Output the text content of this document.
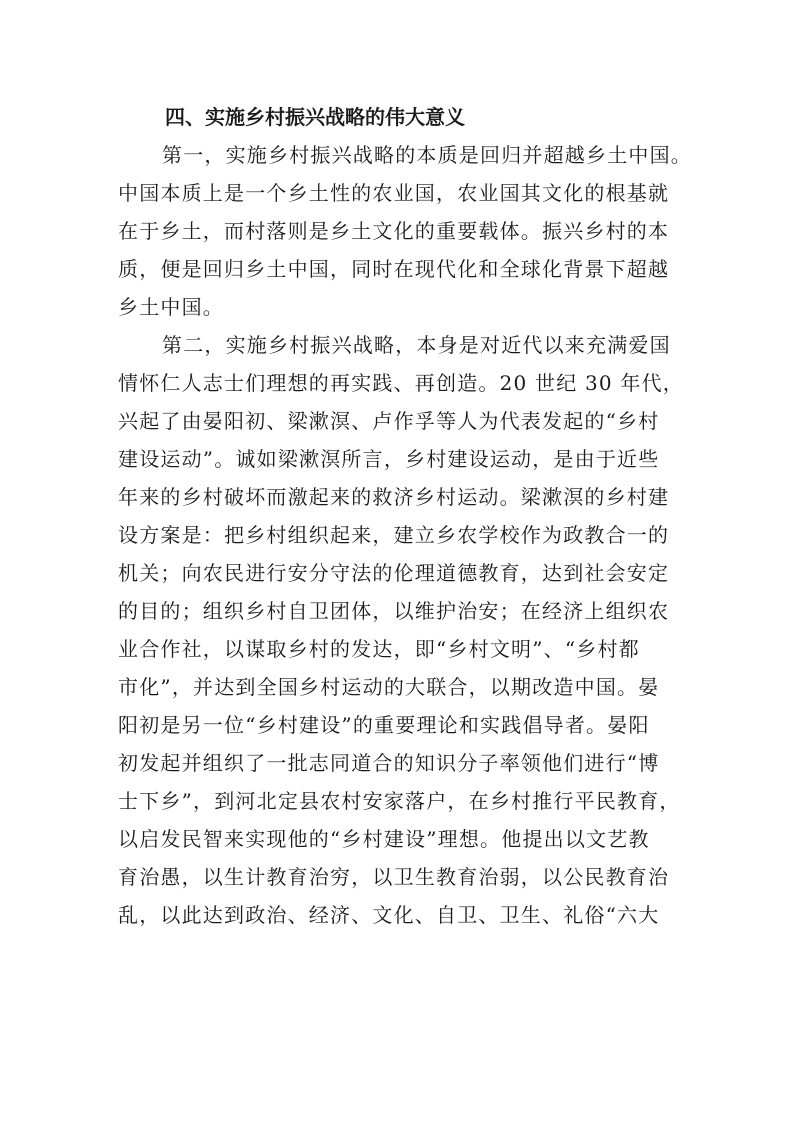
四、实施乡村振兴战略的伟大意义
第一，实施乡村振兴战略的本质是回归并超越乡土中国。
中国本质上是一个乡土性的农业国，农业国其文化的根基就
在于乡土，而村落则是乡土文化的重要载体。振兴乡村的本
质，便是回归乡土中国，同时在现代化和全球化背景下超越
乡土中国。
第二，实施乡村振兴战略，本身是对近代以来充满爱国
情怀仁人志士们理想的再实践、再创造。20 世纪 30 年代，
兴起了由晏阳初、梁漱溟、卢作孚等人为代表发起的“乡村
建设运动”。诚如梁漱溟所言，乡村建设运动，是由于近些
年来的乡村破坏而激起来的救济乡村运动。梁漱溟的乡村建
设方案是：把乡村组织起来，建立乡农学校作为政教合一的
机关；向农民进行安分守法的伦理道德教育，达到社会安定
的目的；组织乡村自卫团体，以维护治安；在经济上组织农
业合作社，以谋取乡村的发达，即“乡村文明”、“乡村都
市化”，并达到全国乡村运动的大联合，以期改造中国。晏
阳初是另一位“乡村建设”的重要理论和实践倡导者。晏阳
初发起并组织了一批志同道合的知识分子率领他们进行“博
士下乡”，到河北定县农村安家落户，在乡村推行平民教育，
以启发民智来实现他的“乡村建设”理想。他提出以文艺教
育治愚，以生计教育治穷，以卫生教育治弱，以公民教育治
乱，以此达到政治、经济、文化、自卫、卫生、礼俗“六大
